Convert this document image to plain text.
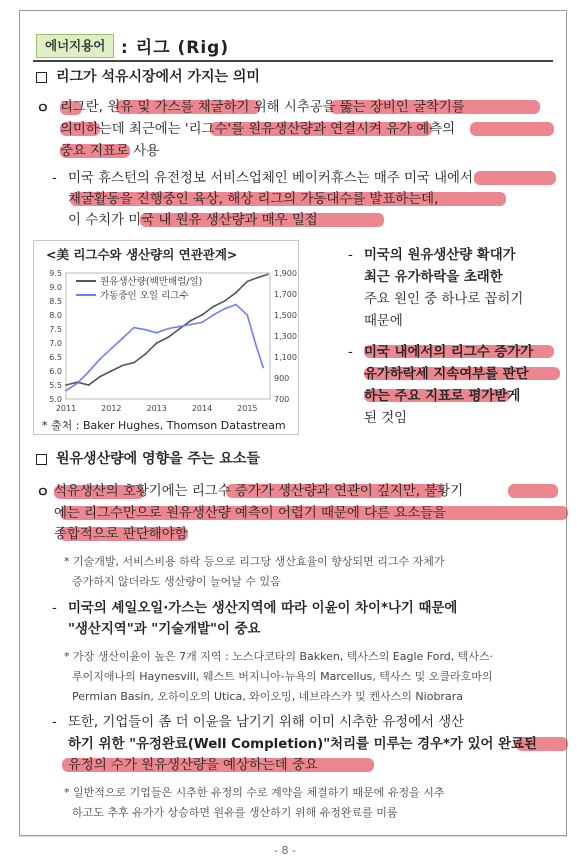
에너지용어 : 리그 (Rig)
리그가 석유시장에서 가지는 의미
ㅇ 리그란, 원유 및 가스를 채굴하기 위해 시추공을 뚫는 장비인 굴착기를
의미하는데 최근에는 '리그수'를 원유생산량과 연결시켜 유가 예측의
중요 지표로 사용
- 미국 휴스턴의 유전정보 서비스업체인 베이커휴스는 매주 미국 내에서
채굴활동을 진행중인 육상, 해상 리그의 가동대수를 발표하는데,
이 수치가 미국 내 원유 생산량과 매우 밀접
<美 리그수와 생산량의 연관관계>
5.0
5.5
6.0
6.5
7.0
7.5
8.0
8.5
9.0
9.5
700
900
1,100
1,300
1,500
1,700
1,900
2011	2012	2013	2014	2015
원유생산량(백만배럴/일)
가동중인 오일 리그수
* 출처 : Baker Hughes, Thomson Datastream
- 미국의 원유생산량 확대가
최근 유가하락을 초래한
주요 원인 중 하나로 꼽히기
때문에
- 미국 내에서의 리그수 증가가
유가하락세 지속여부를 판단
하는 주요 지표로 평가받게
된 것임
원유생산량에 영향을 주는 요소들
ㅇ 석유생산의 호황기에는 리그수 증가가 생산량과 연관이 깊지만, 불황기
에는 리그수만으로 원유생산량 예측이 어렵기 때문에 다른 요소들을
종합적으로 판단해야함
* 기술개발, 서비스비용 하락 등으로 리그당 생산효율이 향상되면 리그수 자체가
증가하지 않더라도 생산량이 늘어날 수 있음
- 미국의 셰일오일·가스는 생산지역에 따라 이윤이 차이*나기 때문에
"생산지역"과 "기술개발"이 중요
* 가장 생산이윤이 높은 7개 지역 : 노스다코타의 Bakken, 텍사스의 Eagle Ford, 텍사스·
루이지애나의 Haynesvill, 웨스트 버지니아-뉴욕의 Marcellus, 텍사스 및 오클라호마의
Permian Basin, 오하이오의 Utica, 와이오밍, 네브라스카 및 켄사스의 Niobrara
- 또한, 기업들이 좀 더 이윤을 남기기 위해 이미 시추한 유정에서 생산
하기 위한 "유정완료(Well Completion)"처리를 미루는 경우*가 있어 완료된
유정의 수가 원유생산량을 예상하는데 중요
* 일반적으로 기업들은 시추한 유정의 수로 계약을 체결하기 때문에 유정을 시추
하고도 추후 유가가 상승하면 원유를 생산하기 위해 유정완료를 미룸
- 8 -
